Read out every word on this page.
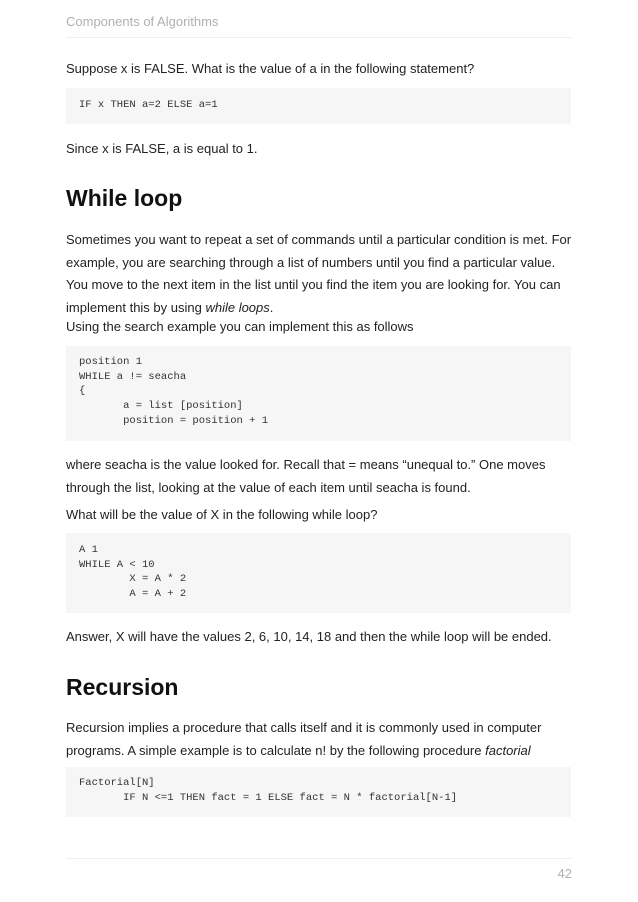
Components of Algorithms

Suppose x is FALSE. What is the value of a in the following statement?

IF x THEN a=2 ELSE a=1

Since x is FALSE, a is equal to 1.

While loop

Sometimes you want to repeat a set of commands until a particular condition is met. For example, you are searching through a list of numbers until you find a particular value. You move to the next item in the list until you find the item you are looking for. You can implement this by using while loops.

Using the search example you can implement this as follows

position 1
WHILE a != seacha
{
a = list [position]
position = position + 1

where seacha is the value looked for. Recall that = means “unequal to.” One moves through the list, looking at the value of each item until seacha is found.

What will be the value of X in the following while loop?

A 1
WHILE A < 10
X = A * 2
A = A + 2

Answer, X will have the values 2, 6, 10, 14, 18 and then the while loop will be ended.

Recursion

Recursion implies a procedure that calls itself and it is commonly used in computer programs. A simple example is to calculate n! by the following procedure factorial

Factorial[N]
IF N <=1 THEN fact = 1 ELSE fact = N * factorial[N-1]
42
